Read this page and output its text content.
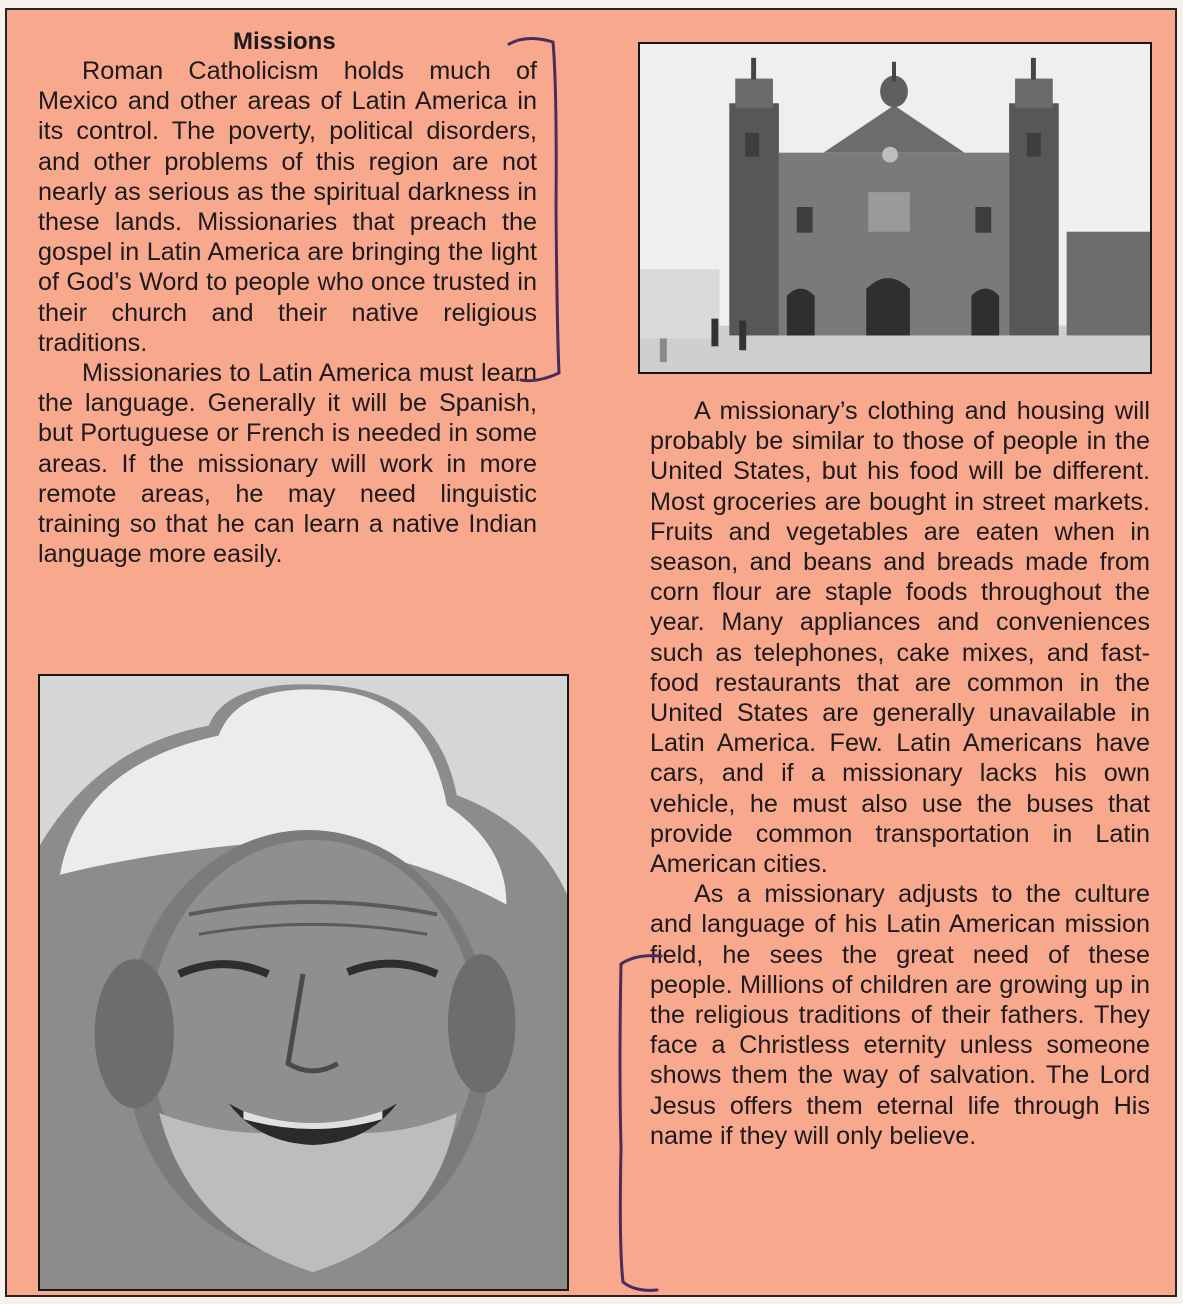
Missions

Roman Catholicism holds much of Mexico and other areas of Latin America in its control. The poverty, political disorders, and other problems of this region are not nearly as serious as the spiritual darkness in these lands. Missionaries that preach the gospel in Latin America are bringing the light of God’s Word to people who once trusted in their church and their native religious traditions.

Missionaries to Latin America must learn the language. Generally it will be Spanish, but Portuguese or French is needed in some areas. If the missionary will work in more remote areas, he may need linguistic training so that he can learn a native Indian language more easily.

A missionary’s clothing and housing will probably be similar to those of people in the United States, but his food will be different. Most groceries are bought in street markets. Fruits and vegetables are eaten when in season, and beans and breads made from corn flour are staple foods throughout the year. Many appliances and conveniences such as telephones, cake mixes, and fast-food restaurants that are common in the United States are generally unavailable in Latin America. Few. Latin Americans have cars, and if a missionary lacks his own vehicle, he must also use the buses that provide common transportation in Latin American cities.

As a missionary adjusts to the culture and language of his Latin American mission field, he sees the great need of these people. Millions of children are growing up in the religious traditions of their fathers. They face a Christless eternity unless someone shows them the way of salvation. The Lord Jesus offers them eternal life through His name if they will only believe.
